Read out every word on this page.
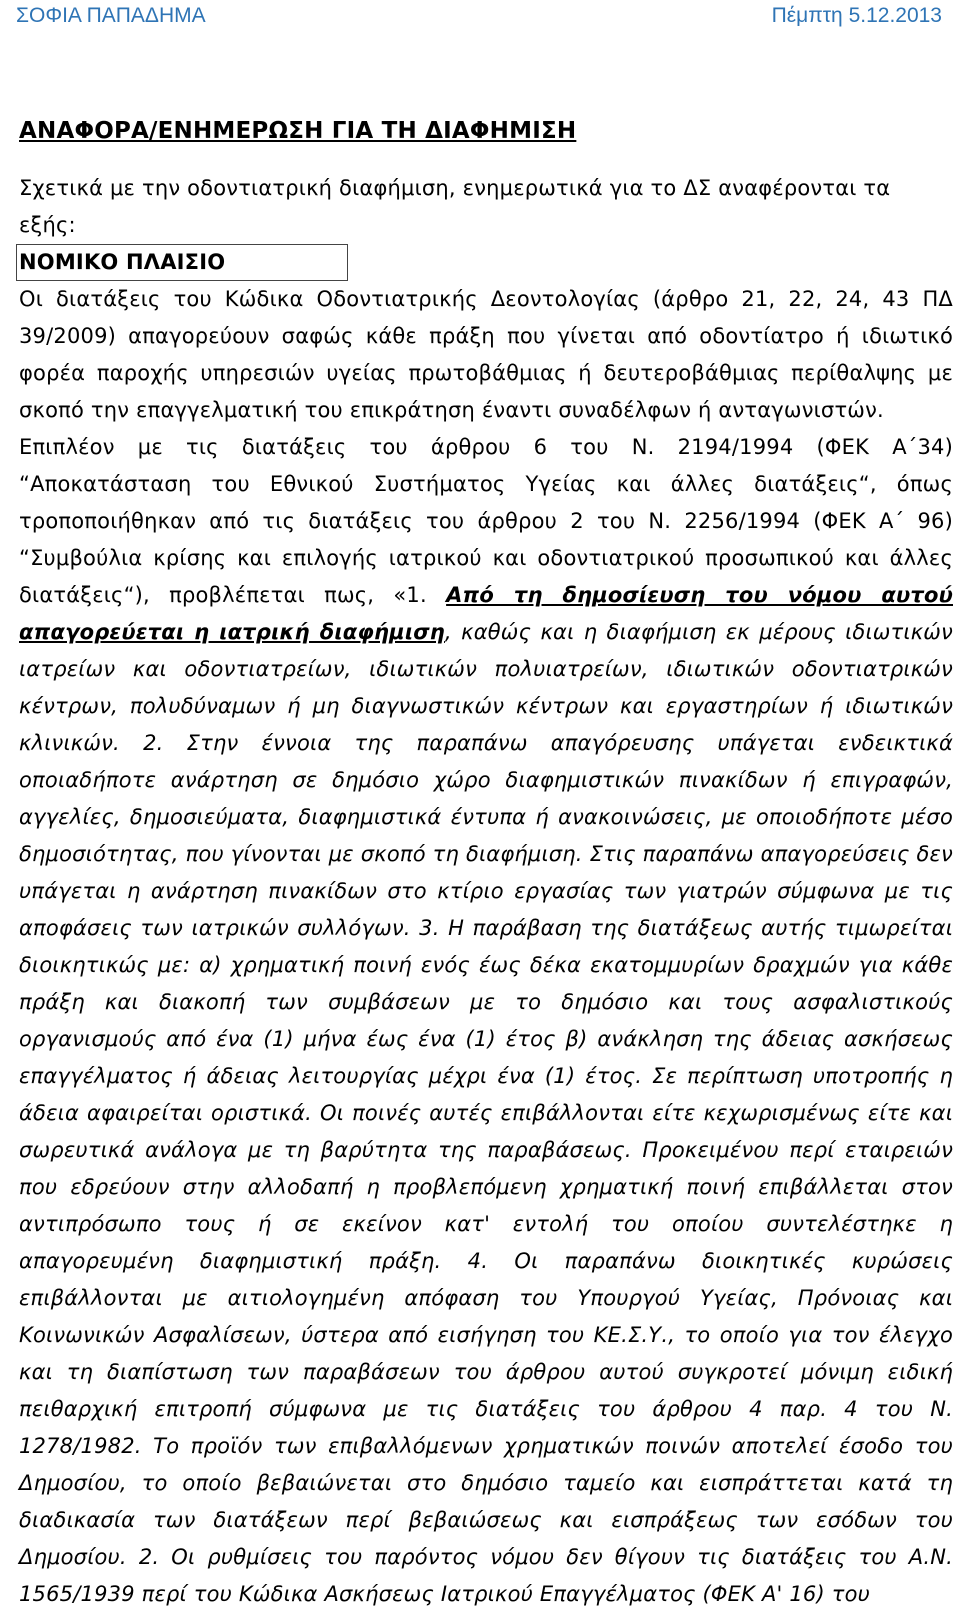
ΣΟΦΙΑ ΠΑΠΑΔΗΜΑ	Πέμπτη 5.12.2013
ΑΝΑΦΟΡΑ/ΕΝΗΜΕΡΩΣΗ ΓΙΑ ΤΗ ΔΙΑΦΗΜΙΣΗ

Σχετικά με την οδοντιατρική διαφήμιση, ενημερωτικά για το ΔΣ αναφέρονται τα εξής:

ΝΟΜΙΚΟ ΠΛΑΙΣΙΟ

Οι διατάξεις του Κώδικα Οδοντιατρικής Δεοντολογίας (άρθρο 21, 22, 24, 43 ΠΔ 39/2009) απαγορεύουν σαφώς κάθε πράξη που γίνεται από οδοντίατρο ή ιδιωτικό φορέα παροχής υπηρεσιών υγείας πρωτοβάθμιας ή δευτεροβάθμιας περίθαλψης με σκοπό την επαγγελματική του επικράτηση έναντι συναδέλφων ή ανταγωνιστών.

Επιπλέον με τις διατάξεις του άρθρου 6 του Ν. 2194/1994 (ΦΕΚ Α΄34) “Αποκατάσταση του Εθνικού Συστήματος Υγείας και άλλες διατάξεις“, όπως τροποποιήθηκαν από τις διατάξεις του άρθρου 2 του Ν. 2256/1994 (ΦΕΚ Α΄ 96) “Συμβούλια κρίσης και επιλογής ιατρικού και οδοντιατρικού προσωπικού και άλλες διατάξεις“), προβλέπεται πως, «1. Από τη δημοσίευση του νόμου αυτού απαγορεύεται η ιατρική διαφήμιση, καθώς και η διαφήμιση εκ μέρους ιδιωτικών ιατρείων και οδοντιατρείων, ιδιωτικών πολυιατρείων, ιδιωτικών οδοντιατρικών κέντρων, πολυδύναμων ή μη διαγνωστικών κέντρων και εργαστηρίων ή ιδιωτικών κλινικών. 2. Στην έννοια της παραπάνω απαγόρευσης υπάγεται ενδεικτικά οποιαδήποτε ανάρτηση σε δημόσιο χώρο διαφημιστικών πινακίδων ή επιγραφών, αγγελίες, δημοσιεύματα, διαφημιστικά έντυπα ή ανακοινώσεις, με οποιοδήποτε μέσο δημοσιότητας, που γίνονται με σκοπό τη διαφήμιση. Στις παραπάνω απαγορεύσεις δεν υπάγεται η ανάρτηση πινακίδων στο κτίριο εργασίας των γιατρών σύμφωνα με τις αποφάσεις των ιατρικών συλλόγων. 3. Η παράβαση της διατάξεως αυτής τιμωρείται διοικητικώς με: α) χρηματική ποινή ενός έως δέκα εκατομμυρίων δραχμών για κάθε πράξη και διακοπή των συμβάσεων με το δημόσιο και τους ασφαλιστικούς οργανισμούς από ένα (1) μήνα έως ένα (1) έτος β) ανάκληση της άδειας ασκήσεως επαγγέλματος ή άδειας λειτουργίας μέχρι ένα (1) έτος. Σε περίπτωση υποτροπής η άδεια αφαιρείται οριστικά. Οι ποινές αυτές επιβάλλονται είτε κεχωρισμένως είτε και σωρευτικά ανάλογα με τη βαρύτητα της παραβάσεως. Προκειμένου περί εταιρειών που εδρεύουν στην αλλοδαπή η προβλεπόμενη χρηματική ποινή επιβάλλεται στον αντιπρόσωπο τους ή σε εκείνον κατ' εντολή του οποίου συντελέστηκε η απαγορευμένη διαφημιστική πράξη. 4. Οι παραπάνω διοικητικές κυρώσεις επιβάλλονται με αιτιολογημένη απόφαση του Υπουργού Υγείας, Πρόνοιας και Κοινωνικών Ασφαλίσεων, ύστερα από εισήγηση του ΚΕ.Σ.Υ., το οποίο για τον έλεγχο και τη διαπίστωση των παραβάσεων του άρθρου αυτού συγκροτεί μόνιμη ειδική πειθαρχική επιτροπή σύμφωνα με τις διατάξεις του άρθρου 4 παρ. 4 του Ν. 1278/1982. Το προϊόν των επιβαλλόμενων χρηματικών ποινών αποτελεί έσοδο του Δημοσίου, το οποίο βεβαιώνεται στο δημόσιο ταμείο και εισπράττεται κατά τη διαδικασία των διατάξεων περί βεβαιώσεως και εισπράξεως των εσόδων του Δημοσίου. 2. Οι ρυθμίσεις του παρόντος νόμου δεν θίγουν τις διατάξεις του Α.Ν. 1565/1939 περί του Κώδικα Ασκήσεως Ιατρικού Επαγγέλματος (ΦΕΚ Α' 16) του
